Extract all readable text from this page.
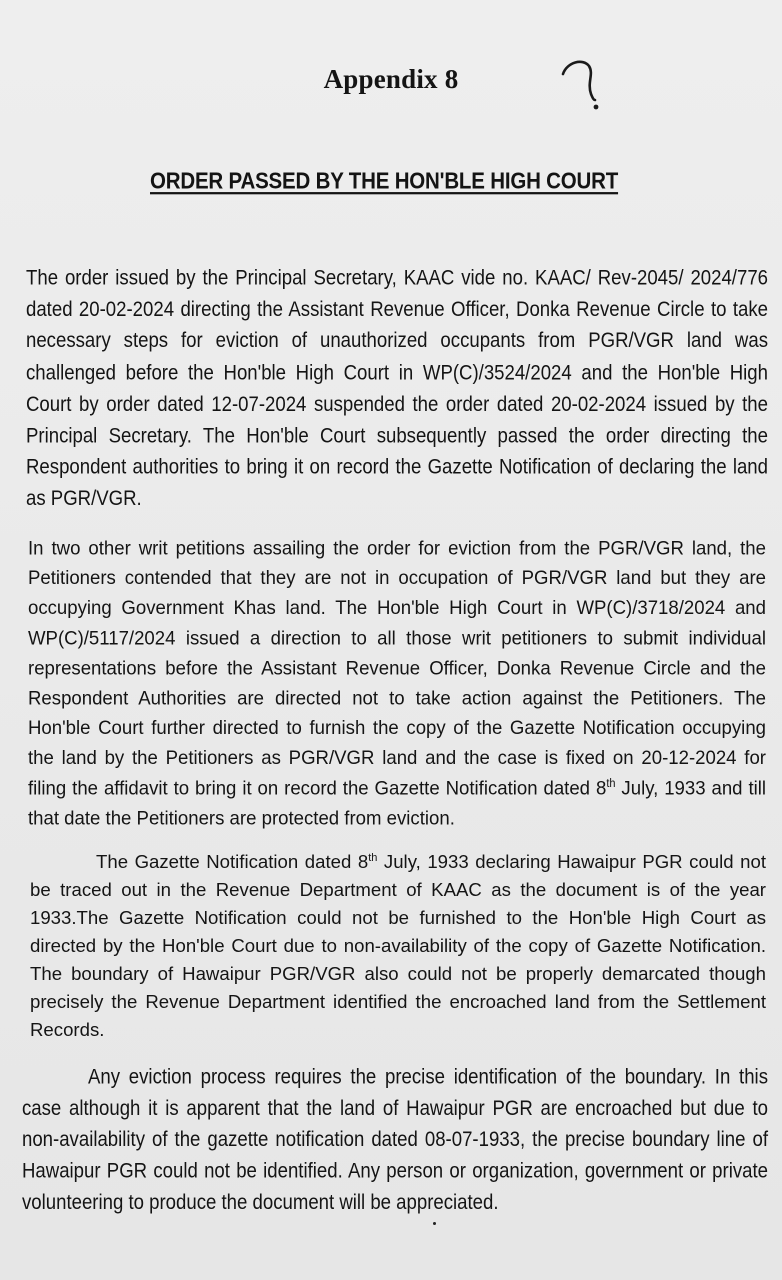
Appendix 8
ORDER PASSED BY THE HON'BLE HIGH COURT
The order issued by the Principal Secretary, KAAC vide no. KAAC/ Rev-2045/ 2024/776 dated 20-02-2024 directing the Assistant Revenue Officer, Donka Revenue Circle to take necessary steps for eviction of unauthorized occupants from PGR/VGR land was challenged before the Hon'ble High Court in WP(C)/3524/2024 and the Hon'ble High Court by order dated 12-07-2024 suspended the order dated 20-02-2024 issued by the Principal Secretary. The Hon'ble Court subsequently passed the order directing the Respondent authorities to bring it on record the Gazette Notification of declaring the land as PGR/VGR.
In two other writ petitions assailing the order for eviction from the PGR/VGR land, the Petitioners contended that they are not in occupation of PGR/VGR land but they are occupying Government Khas land. The Hon'ble High Court in WP(C)/3718/2024 and WP(C)/5117/2024 issued a direction to all those writ petitioners to submit individual representations before the Assistant Revenue Officer, Donka Revenue Circle and the Respondent Authorities are directed not to take action against the Petitioners. The Hon'ble Court further directed to furnish the copy of the Gazette Notification occupying the land by the Petitioners as PGR/VGR land and the case is fixed on 20-12-2024 for filing the affidavit to bring it on record the Gazette Notification dated 8th July, 1933 and till that date the Petitioners are protected from eviction.
The Gazette Notification dated 8th July, 1933 declaring Hawaipur PGR could not be traced out in the Revenue Department of KAAC as the document is of the year 1933.The Gazette Notification could not be furnished to the Hon'ble High Court as directed by the Hon'ble Court due to non-availability of the copy of Gazette Notification. The boundary of Hawaipur PGR/VGR also could not be properly demarcated though precisely the Revenue Department identified the encroached land from the Settlement Records.
Any eviction process requires the precise identification of the boundary. In this case although it is apparent that the land of Hawaipur PGR are encroached but due to non-availability of the gazette notification dated 08-07-1933, the precise boundary line of Hawaipur PGR could not be identified. Any person or organization, government or private volunteering to produce the document will be appreciated.
